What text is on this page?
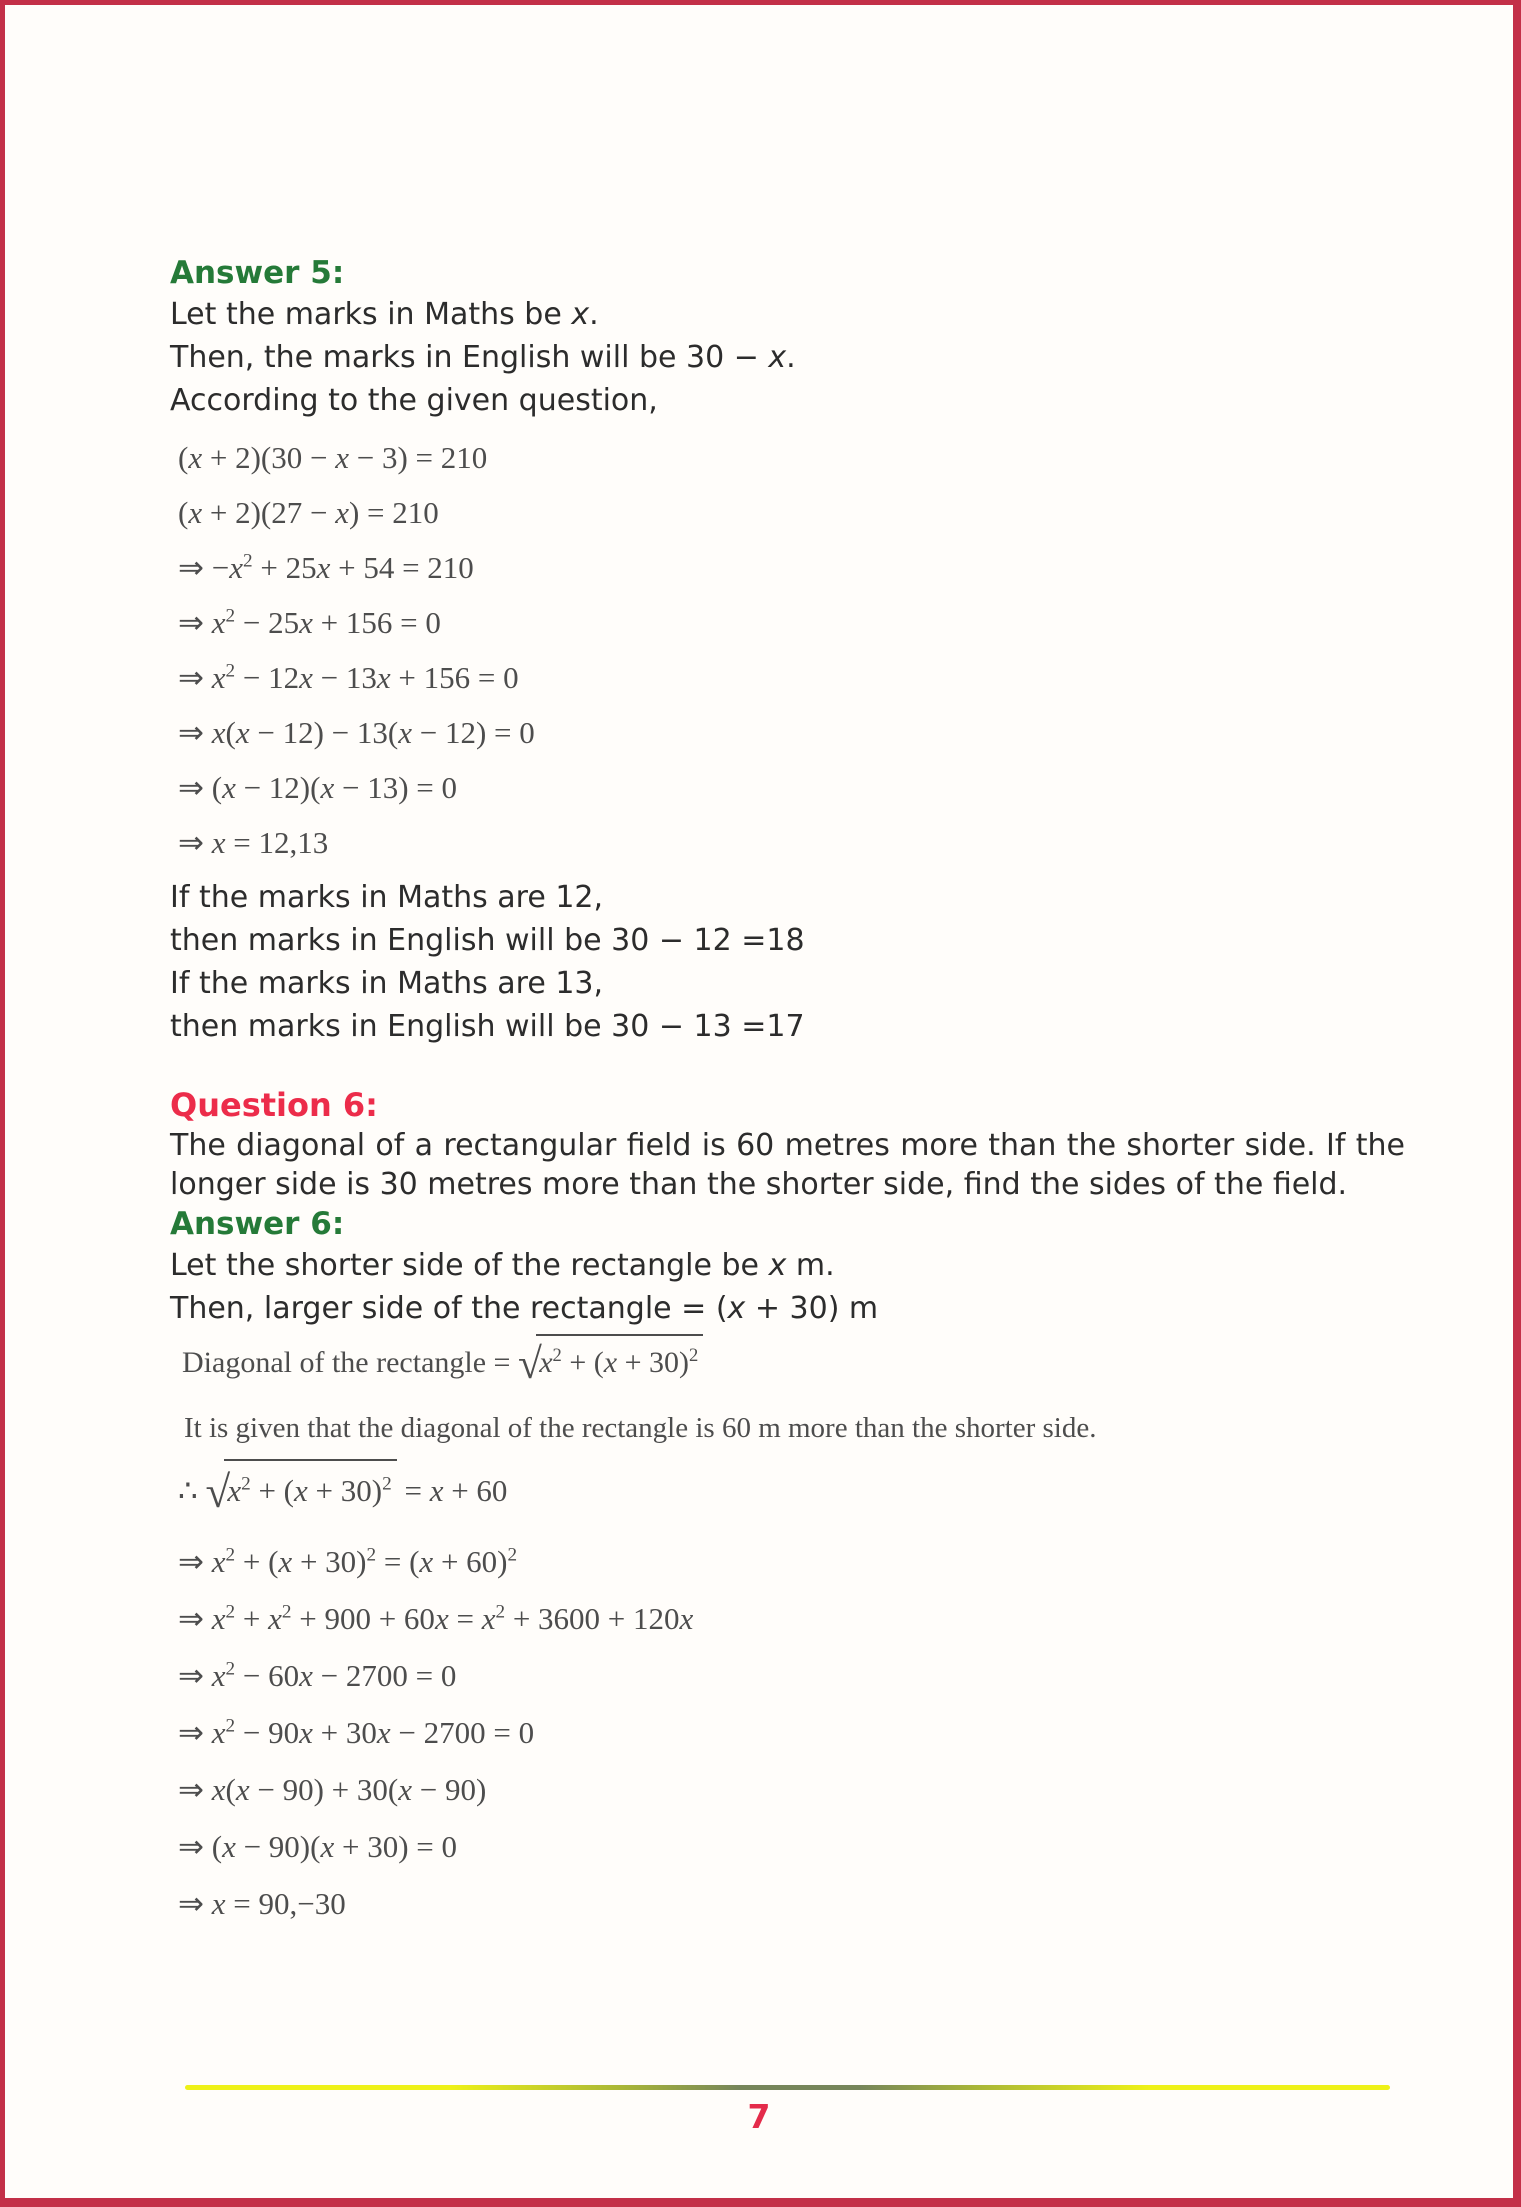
Answer 5:
Let the marks in Maths be x.
Then, the marks in English will be 30 − x.
According to the given question,
(x + 2)(30 − x − 3) = 210
(x + 2)(27 − x) = 210
⇒ $-x^2 + 25x + 54 = 210$
⇒ $x^2 - 25x + 156 = 0$
⇒ $x^2 - 12x - 13x + 156 = 0$
⇒ x(x − 12) − 13(x − 12) = 0
⇒ (x − 12)(x − 13) = 0
⇒ x = 12,13
If the marks in Maths are 12,
then marks in English will be 30 − 12 =18
If the marks in Maths are 13,
then marks in English will be 30 − 13 =17
Question 6:
The diagonal of a rectangular field is 60 metres more than the shorter side. If the longer side is 30 metres more than the shorter side, find the sides of the field.
Answer 6:
Let the shorter side of the rectangle be x m.
Then, larger side of the rectangle = (x + 30) m
Diagonal of the rectangle = √ $x^2 + (x + 30)^2$
It is given that the diagonal of the rectangle is 60 m more than the shorter side.
∴ √ $x^2 + (x + 30)^2 = x + 60$
⇒ $x^2 + (x + 30)^2 = (x + 60)^2$
⇒ $x^2 + x^2 + 900 + 60x = x^2 + 3600 + 120x$
⇒ $x^2 - 60x - 2700 = 0$
⇒ $x^2 - 90x + 30x - 2700 = 0$
⇒ x(x − 90) + 30(x − 90)
⇒ (x − 90)(x + 30) = 0
⇒ x = 90,−30
7
